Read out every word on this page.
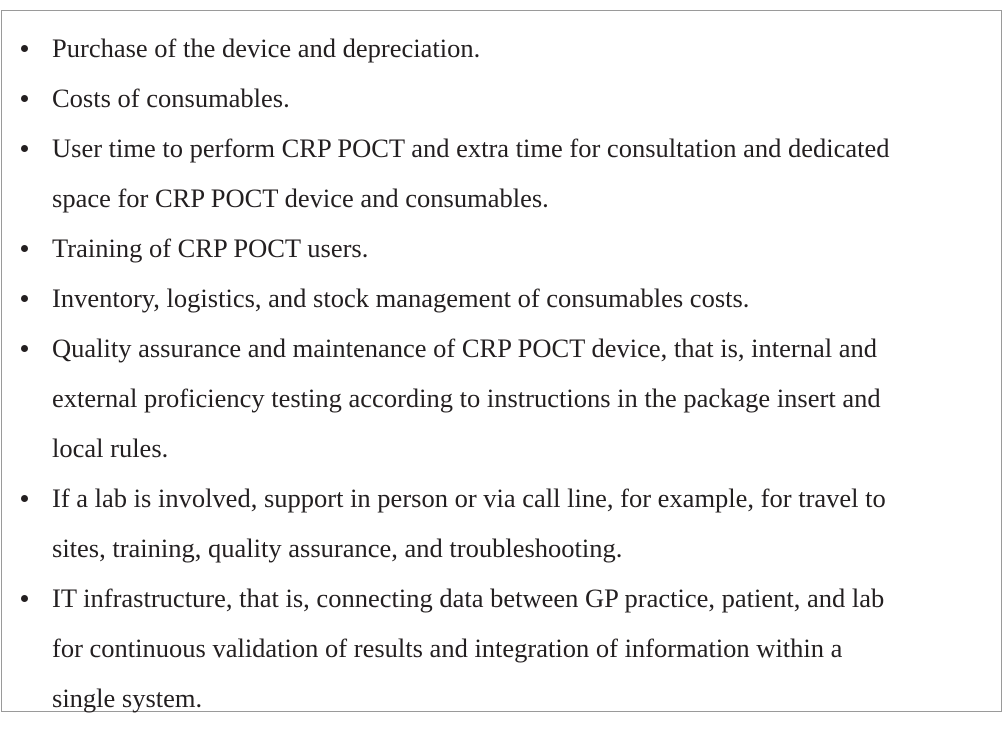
Purchase of the device and depreciation.
Costs of consumables.
User time to perform CRP POCT and extra time for consultation and dedicated
space for CRP POCT device and consumables.
Training of CRP POCT users.
Inventory, logistics, and stock management of consumables costs.
Quality assurance and maintenance of CRP POCT device, that is, internal and
external proficiency testing according to instructions in the package insert and
local rules.
If a lab is involved, support in person or via call line, for example, for travel to
sites, training, quality assurance, and troubleshooting.
IT infrastructure, that is, connecting data between GP practice, patient, and lab
for continuous validation of results and integration of information within a
single system.
